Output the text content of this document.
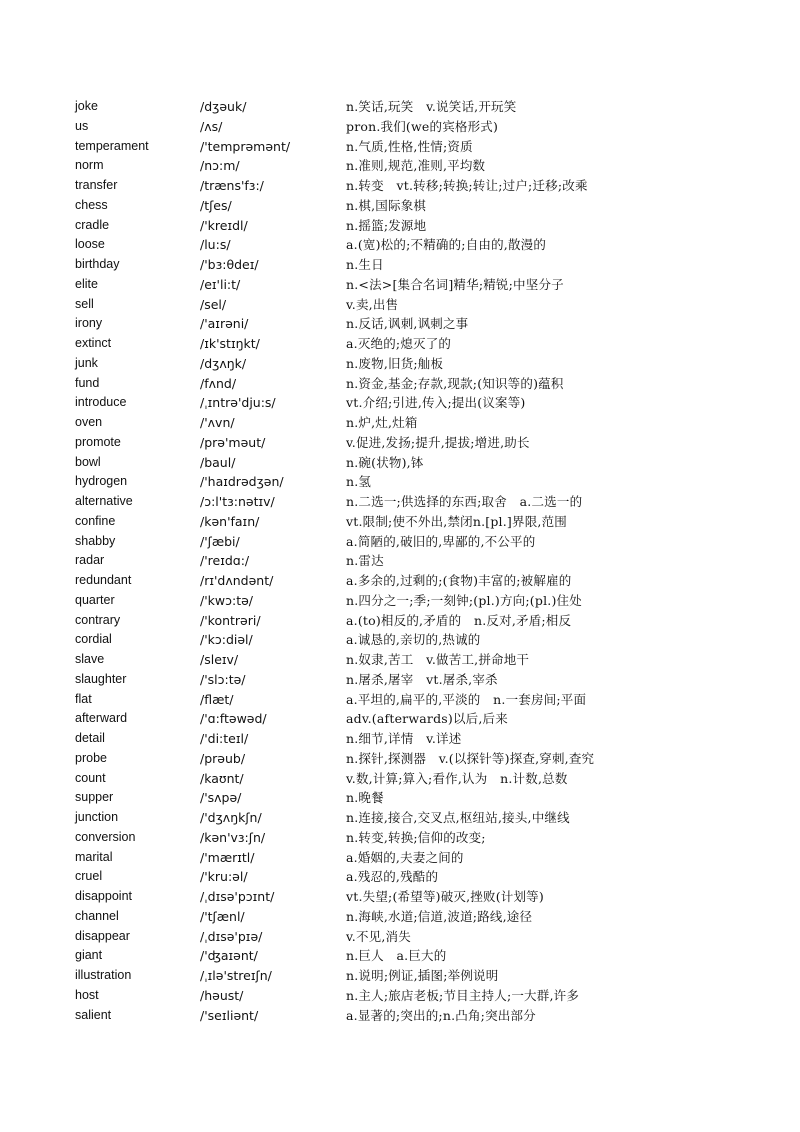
joke	/dʒəuk/	n.笑话,玩笑　v.说笑话,开玩笑
us	/ʌs/	pron.我们(we的宾格形式)
temperament	/'temprəmənt/	n.气质,性格,性情;资质
norm	/nɔ:m/	n.准则,规范,准则,平均数
transfer	/træns'fɜ:/	n.转变　vt.转移;转换;转让;过户;迁移;改乘
chess	/tʃes/	n.棋,国际象棋
cradle	/'kreɪdl/	n.摇篮;发源地
loose	/lu:s/	a.(宽)松的;不精确的;自由的,散漫的
birthday	/'bɜ:θdeɪ/	n.生日
elite	/eɪ'li:t/	n.<法>[集合名词]精华;精锐;中坚分子
sell	/sel/	v.卖,出售
irony	/'aɪrəni/	n.反话,讽刺,讽刺之事
extinct	/ɪk'stɪŋkt/	a.灭绝的;熄灭了的
junk	/dʒʌŋk/	n.废物,旧货;舢板
fund	/fʌnd/	n.资金,基金;存款,现款;(知识等的)蕴积
introduce	/ˌɪntrə'dju:s/	vt.介绍;引进,传入;提出(议案等)
oven	/'ʌvn/	n.炉,灶,灶箱
promote	/prə'məut/	v.促进,发扬;提升,提拔;增进,助长
bowl	/baul/	n.碗(状物),钵
hydrogen	/'haɪdrədʒən/	n.氢
alternative	/ɔ:l'tɜ:nətɪv/	n.二选一;供选择的东西;取舍　a.二选一的
confine	/kən'faɪn/	vt.限制;使不外出,禁闭n.[pl.]界限,范围
shabby	/'ʃæbi/	a.简陋的,破旧的,卑鄙的,不公平的
radar	/'reɪdɑ:/	n.雷达
redundant	/rɪ'dʌndənt/	a.多余的,过剩的;(食物)丰富的;被解雇的
quarter	/'kwɔ:tə/	n.四分之一;季;一刻钟;(pl.)方向;(pl.)住处
contrary	/'kontrəri/	a.(to)相反的,矛盾的　n.反对,矛盾;相反
cordial	/'kɔ:diəl/	a.诚恳的,亲切的,热诚的
slave	/sleɪv/	n.奴隶,苦工　v.做苦工,拼命地干
slaughter	/'slɔ:tə/	n.屠杀,屠宰　vt.屠杀,宰杀
flat	/flæt/	a.平坦的,扁平的,平淡的　n.一套房间;平面
afterward	/'ɑ:ftəwəd/	adv.(afterwards)以后,后来
detail	/'di:teɪl/	n.细节,详情　v.详述
probe	/prəub/	n.探针,探测器　v.(以探针等)探查,穿刺,查究
count	/kaʊnt/	v.数,计算;算入;看作,认为　n.计数,总数
supper	/'sʌpə/	n.晚餐
junction	/'dʒʌŋkʃn/	n.连接,接合,交叉点,枢纽站,接头,中继线
conversion	/kən'vɜ:ʃn/	n.转变,转换;信仰的改变;
marital	/'mærɪtl/	a.婚姻的,夫妻之间的
cruel	/'kru:əl/	a.残忍的,残酷的
disappoint	/ˌdɪsə'pɔɪnt/	vt.失望;(希望等)破灭,挫败(计划等)
channel	/'tʃænl/	n.海峡,水道;信道,波道;路线,途径
disappear	/ˌdɪsə'pɪə/	v.不见,消失
giant	/'ʤaɪənt/	n.巨人　a.巨大的
illustration	/ˌɪlə'streɪʃn/	n.说明;例证,插图;举例说明
host	/həust/	n.主人;旅店老板;节目主持人;一大群,许多
salient	/'seɪliənt/	a.显著的;突出的;n.凸角;突出部分
